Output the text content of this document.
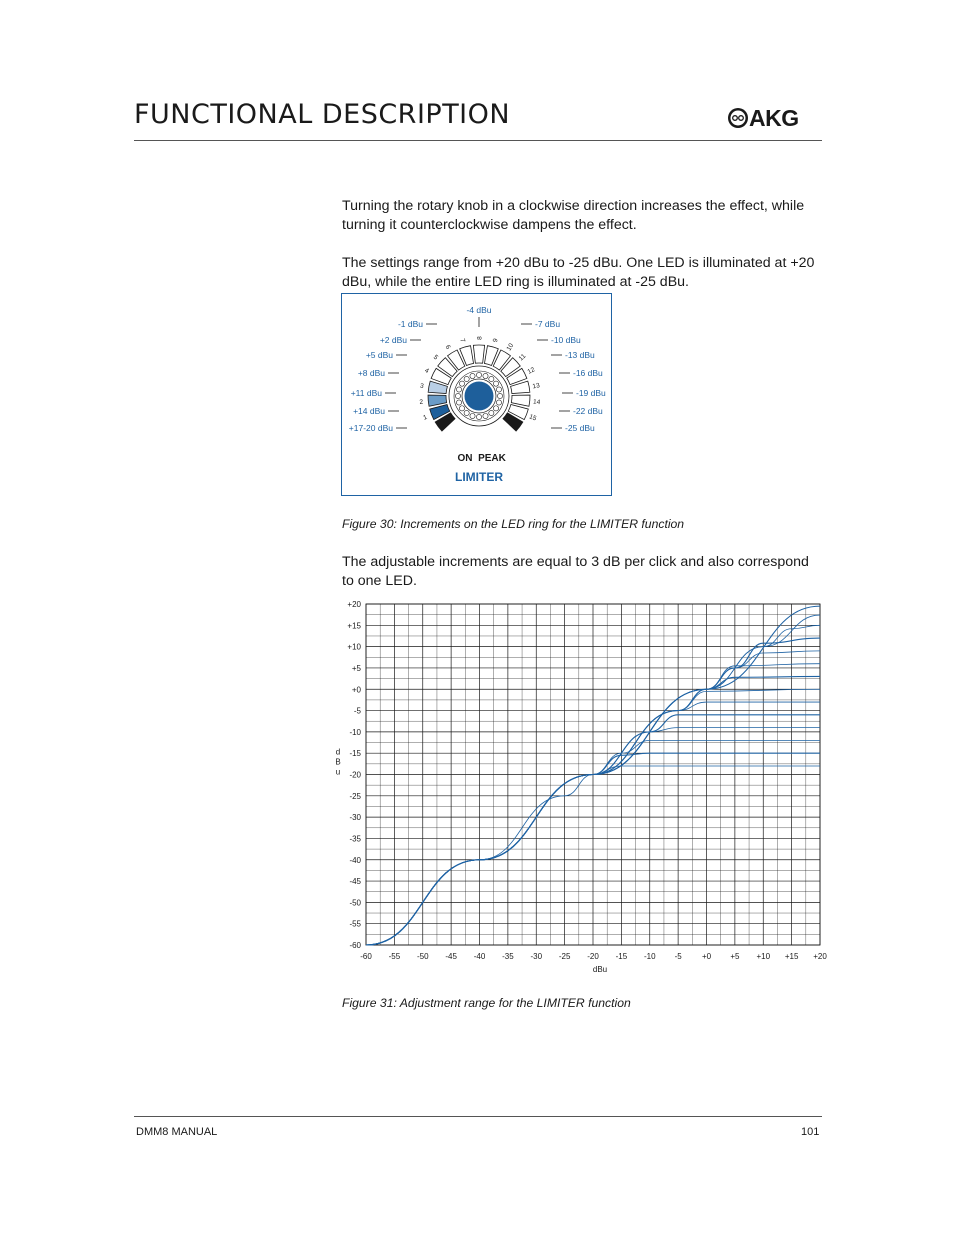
FUNCTIONAL DESCRIPTION	AKG

Turning the rotary knob in a clockwise direction increases the effect, while turning it counterclockwise dampens the effect.

The settings range from +20 dBu to -25 dBu. One LED is illuminated at +20 dBu, while the entire LED ring is illuminated at -25 dBu.

-4 dBu
1
2
3
4
5
6
7 8 9
10
11
12
13
14
15
+17-20 dBu
+14 dBu
+11 dBu
+8 dBu
+5 dBu
+2 dBu
-1 dBu	-7 dBu
-10 dBu
-13 dBu
-16 dBu
-19 dBu
-22 dBu
-25 dBu
ON PEAK
LIMITER

Figure 30: Increments on the LED ring for the LIMITER function

The adjustable increments are equal to 3 dB per click and also correspond to one LED.

-60 -55 -50 -45 -40 -35 -30 -25 -20 -15 -10 -5	+0 +5 +10 +15 +20
+20
+15
+10
+5
+0
-5
-10
-15
-20
-25
-30
-35
-40
-45
-50
-55
-60
dBu
d B u

Figure 31: Adjustment range for the LIMITER function

DMM8 MANUAL	101
